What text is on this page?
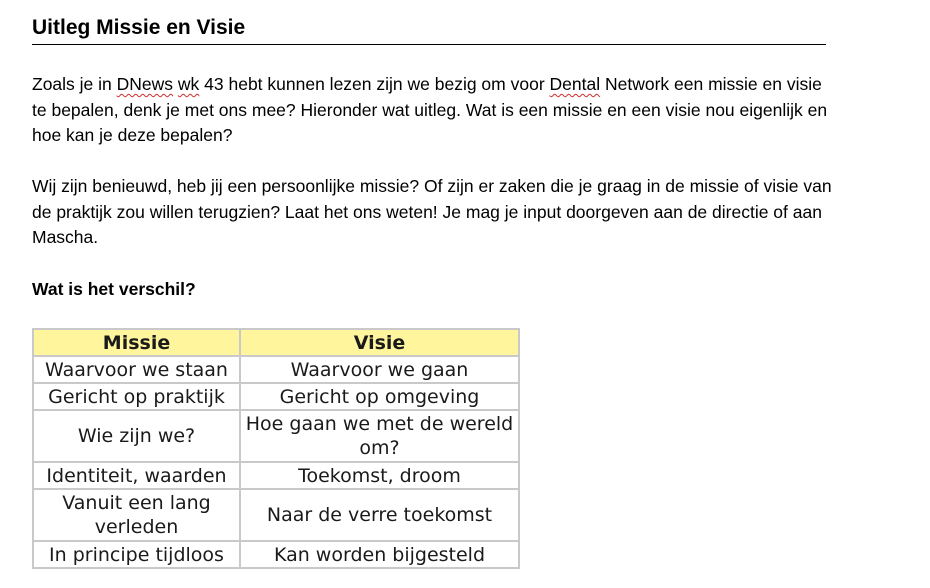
Uitleg Missie en Visie

Zoals je in DNews wk 43 hebt kunnen lezen zijn we bezig om voor Dental Network een missie en visie te bepalen, denk je met ons mee? Hieronder wat uitleg. Wat is een missie en een visie nou eigenlijk en hoe kan je deze bepalen?

Wij zijn benieuwd, heb jij een persoonlijke missie? Of zijn er zaken die je graag in de missie of visie van de praktijk zou willen terugzien? Laat het ons weten! Je mag je input doorgeven aan de directie of aan Mascha.

Wat is het verschil?
Missie	Visie
Waarvoor we staan	Waarvoor we gaan
Gericht op praktijk	Gericht op omgeving
Wie zijn we?	Hoe gaan we met de wereld om?
Identiteit, waarden	Toekomst, droom
Vanuit een lang verleden	Naar de verre toekomst
In principe tijdloos	Kan worden bijgesteld
